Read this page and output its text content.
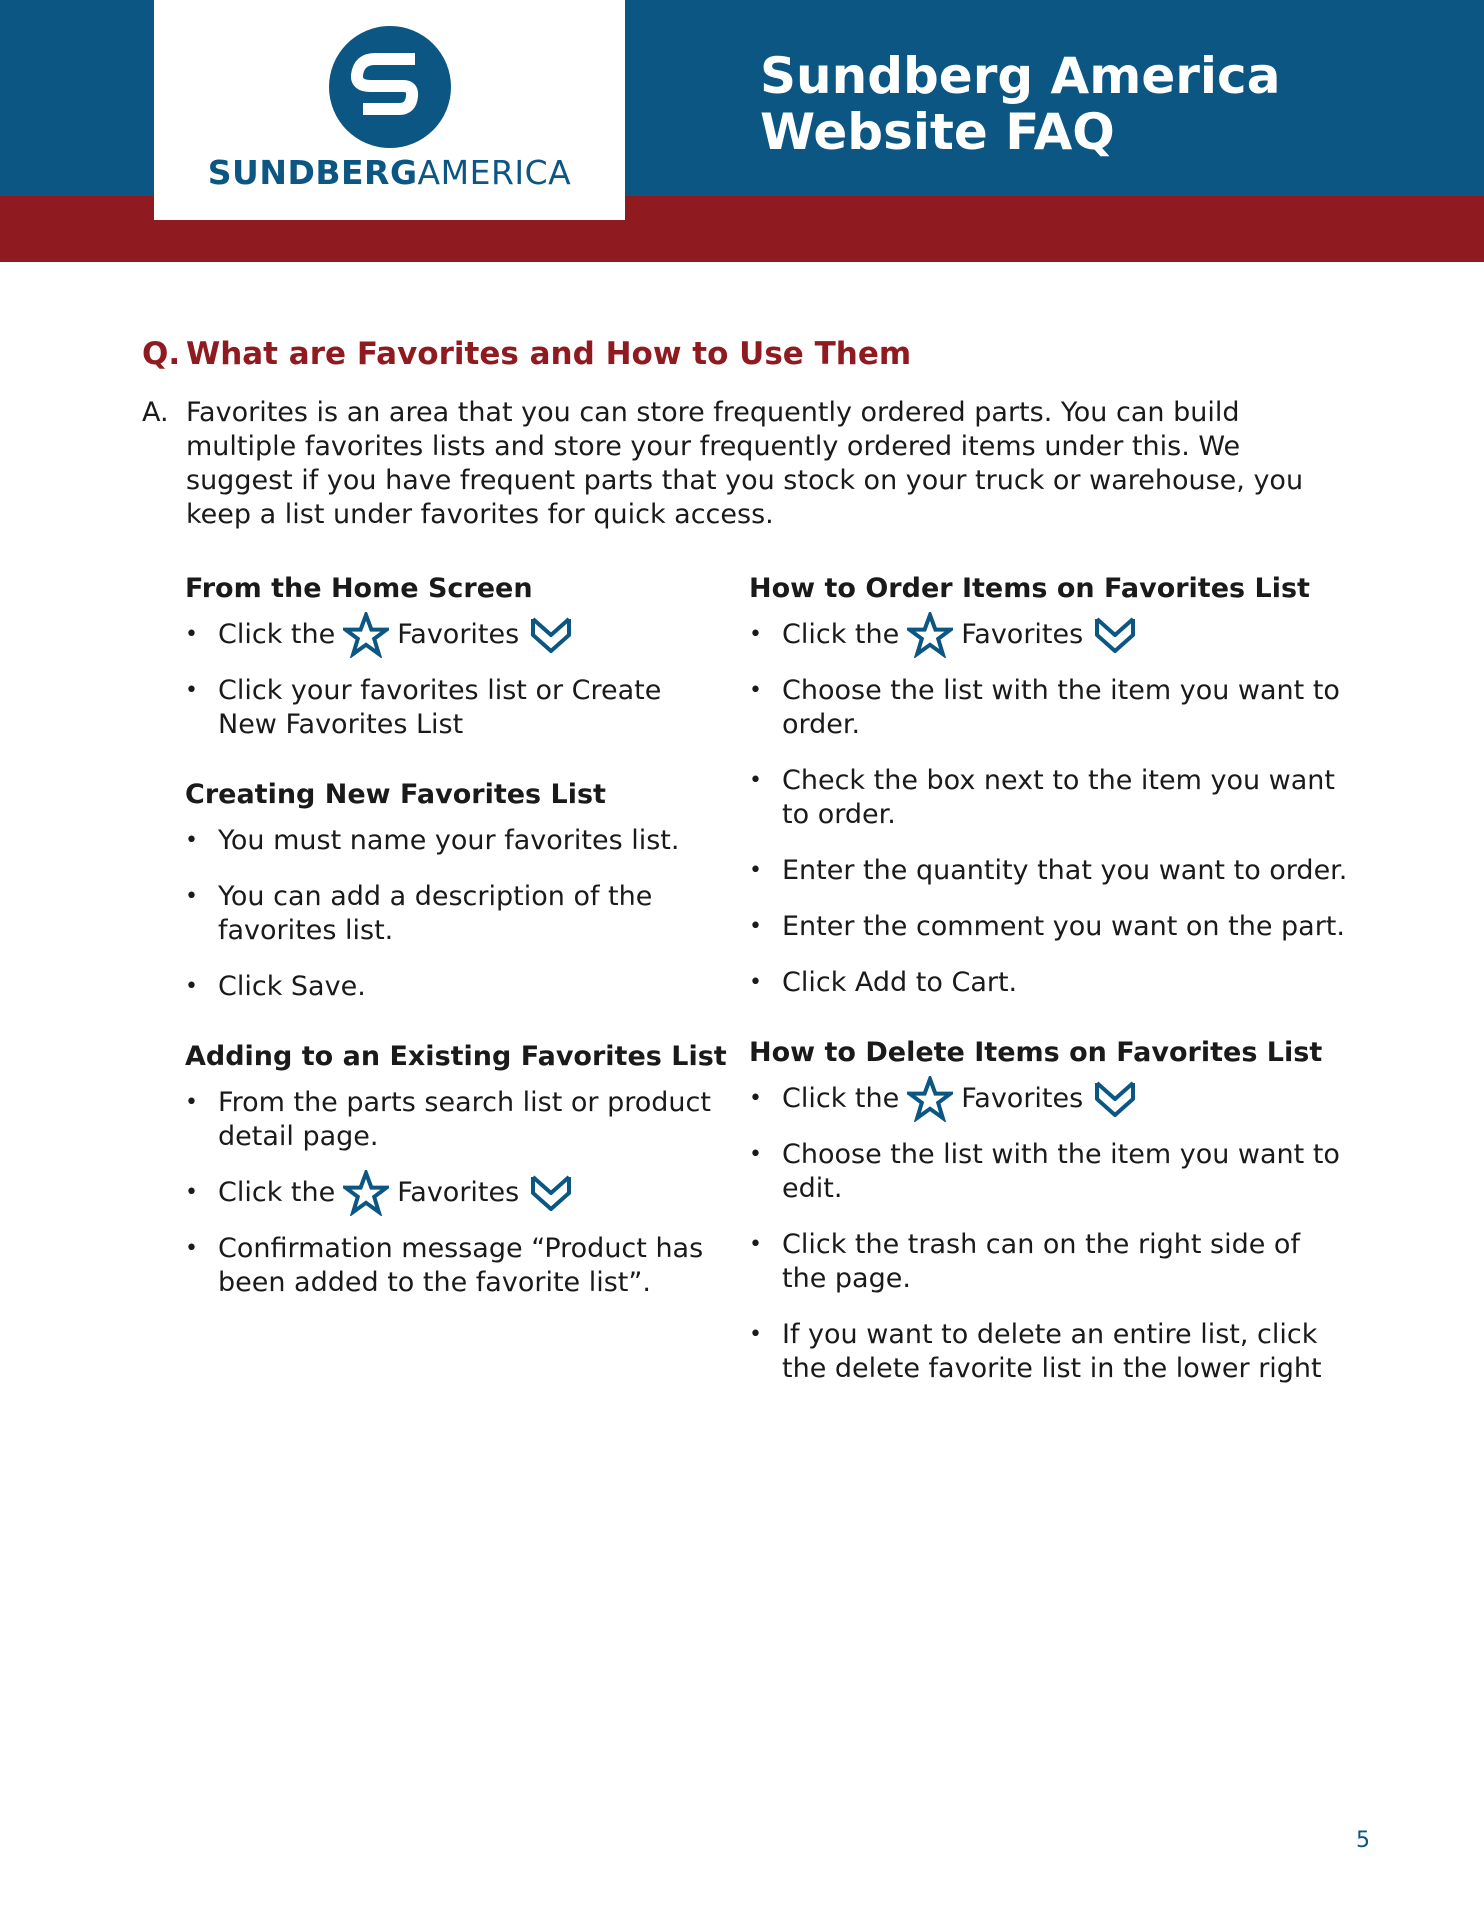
SUNDBERGAMERICA
Sundberg America
Website FAQ
Q. What are Favorites and How to Use Them
A. Favorites is an area that you can store frequently ordered parts. You can build multiple favorites lists and store your frequently ordered items under this. We suggest if you have frequent parts that you stock on your truck or warehouse, you keep a list under favorites for quick access.
From the Home Screen
• Click the Favorites
• Click your favorites list or Create New Favorites List
Creating New Favorites List
• You must name your favorites list.
• You can add a description of the favorites list.
• Click Save.
Adding to an Existing Favorites List
• From the parts search list or product detail page.
• Click the Favorites
• Confirmation message “Product has been added to the favorite list”.
How to Order Items on Favorites List
• Click the Favorites
• Choose the list with the item you want to order.
• Check the box next to the item you want to order.
• Enter the quantity that you want to order.
• Enter the comment you want on the part.
• Click Add to Cart.
How to Delete Items on Favorites List
• Click the Favorites
• Choose the list with the item you want to edit.
• Click the trash can on the right side of the page.
• If you want to delete an entire list, click the delete favorite list in the lower right
5
